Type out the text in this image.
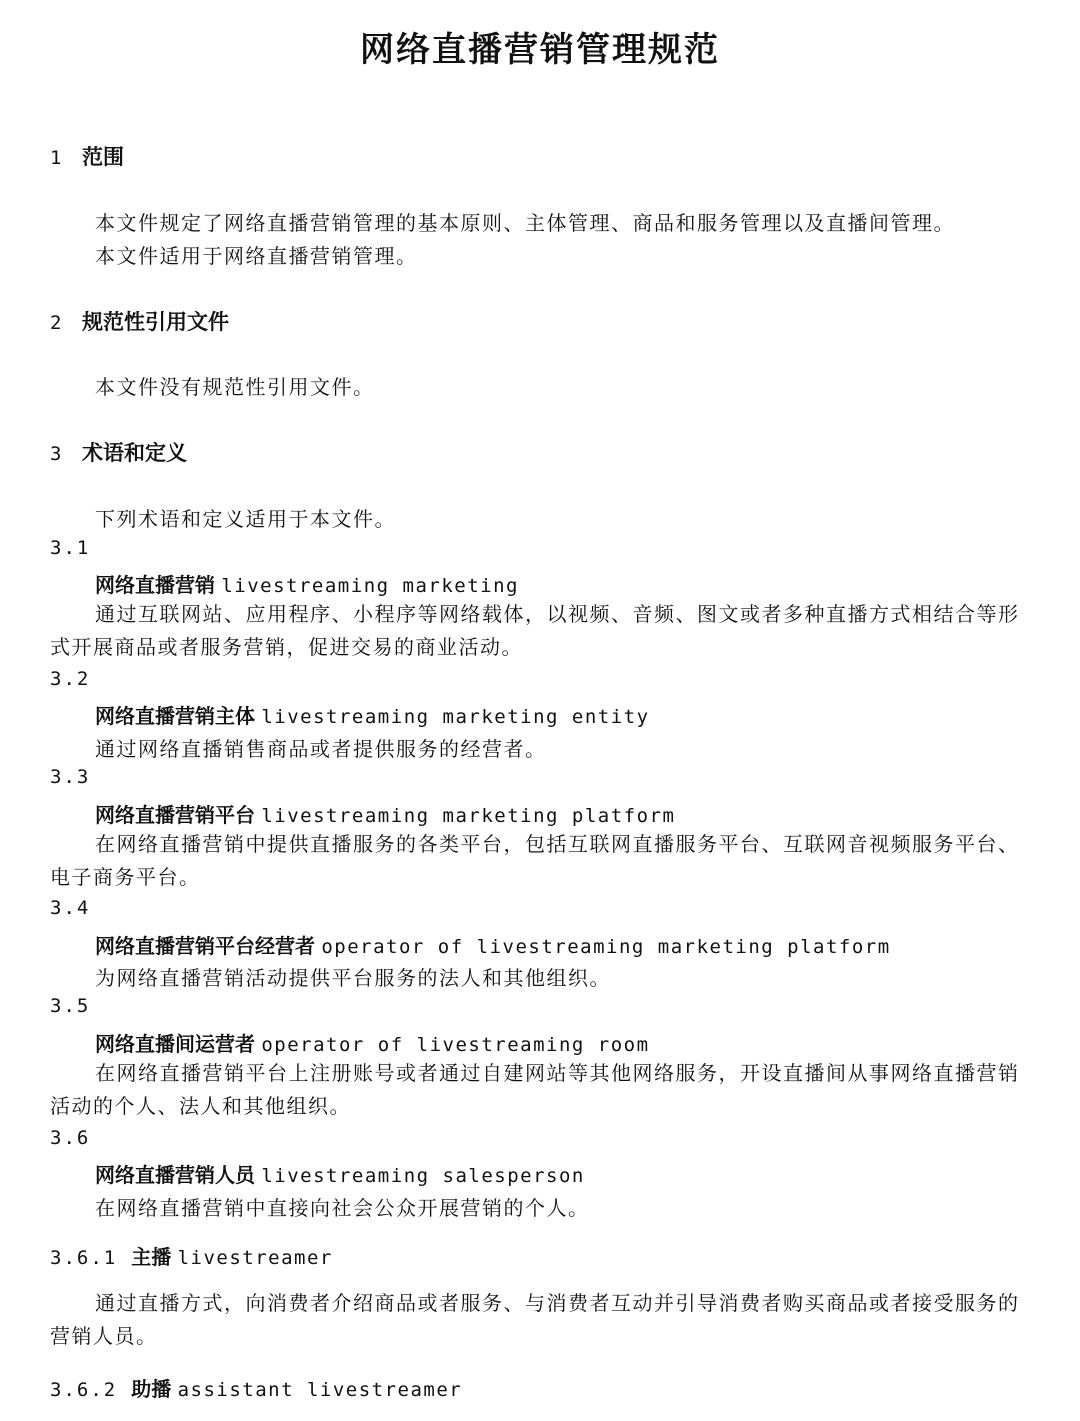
网络直播营销管理规范
1 范围
本文件规定了网络直播营销管理的基本原则、主体管理、商品和服务管理以及直播间管理。
本文件适用于网络直播营销管理。
2 规范性引用文件
本文件没有规范性引用文件。
3 术语和定义
下列术语和定义适用于本文件。
3.1
网络直播营销 livestreaming marketing
通过互联网站、应用程序、小程序等网络载体，以视频、音频、图文或者多种直播方式相结合等形式开展商品或者服务营销，促进交易的商业活动。
3.2
网络直播营销主体 livestreaming marketing entity
通过网络直播销售商品或者提供服务的经营者。
3.3
网络直播营销平台 livestreaming marketing platform
在网络直播营销中提供直播服务的各类平台，包括互联网直播服务平台、互联网音视频服务平台、电子商务平台。
3.4
网络直播营销平台经营者 operator of livestreaming marketing platform
为网络直播营销活动提供平台服务的法人和其他组织。
3.5
网络直播间运营者 operator of livestreaming room
在网络直播营销平台上注册账号或者通过自建网站等其他网络服务，开设直播间从事网络直播营销活动的个人、法人和其他组织。
3.6
网络直播营销人员 livestreaming salesperson
在网络直播营销中直接向社会公众开展营销的个人。
3.6.1 主播 livestreamer
通过直播方式，向消费者介绍商品或者服务、与消费者互动并引导消费者购买商品或者接受服务的营销人员。
3.6.2 助播 assistant livestreamer
